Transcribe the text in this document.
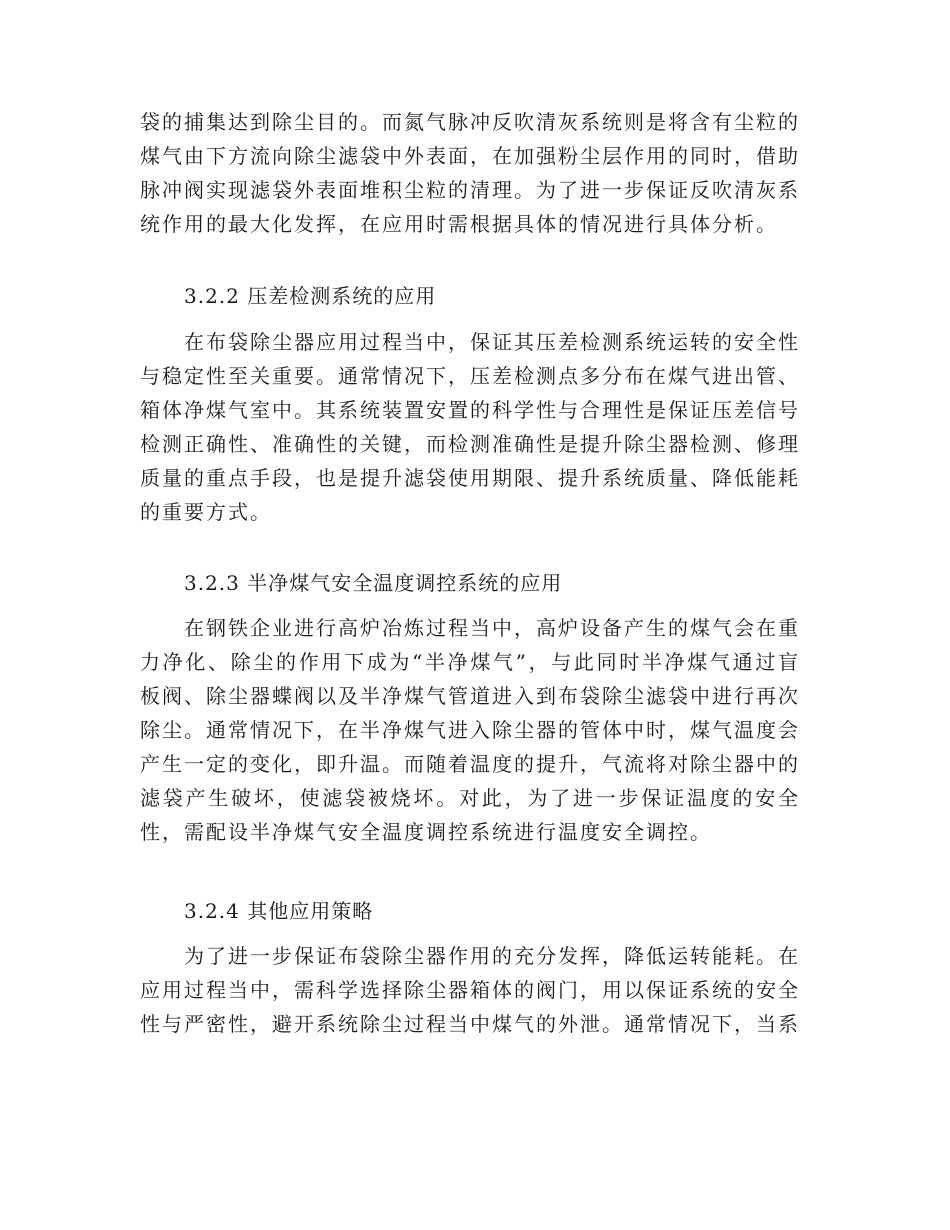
袋的捕集达到除尘目的。而氮气脉冲反吹清灰系统则是将含有尘粒的煤气由下方流向除尘滤袋中外表面，在加强粉尘层作用的同时，借助脉冲阀实现滤袋外表面堆积尘粒的清理。为了进一步保证反吹清灰系统作用的最大化发挥，在应用时需根据具体的情况进行具体分析。

3.2.2 压差检测系统的应用

在布袋除尘器应用过程当中，保证其压差检测系统运转的安全性与稳定性至关重要。通常情况下，压差检测点多分布在煤气进出管、箱体净煤气室中。其系统装置安置的科学性与合理性是保证压差信号检测正确性、准确性的关键，而检测准确性是提升除尘器检测、修理质量的重点手段，也是提升滤袋使用期限、提升系统质量、降低能耗的重要方式。

3.2.3 半净煤气安全温度调控系统的应用

在钢铁企业进行高炉冶炼过程当中，高炉设备产生的煤气会在重力净化、除尘的作用下成为“半净煤气”，与此同时半净煤气通过盲板阀、除尘器蝶阀以及半净煤气管道进入到布袋除尘滤袋中进行再次除尘。通常情况下，在半净煤气进入除尘器的管体中时，煤气温度会产生一定的变化，即升温。而随着温度的提升，气流将对除尘器中的滤袋产生破坏，使滤袋被烧坏。对此，为了进一步保证温度的安全性，需配设半净煤气安全温度调控系统进行温度安全调控。

3.2.4 其他应用策略

为了进一步保证布袋除尘器作用的充分发挥，降低运转能耗。在应用过程当中，需科学选择除尘器箱体的阀门，用以保证系统的安全性与严密性，避开系统除尘过程当中煤气的外泄。通常情况下，当系
